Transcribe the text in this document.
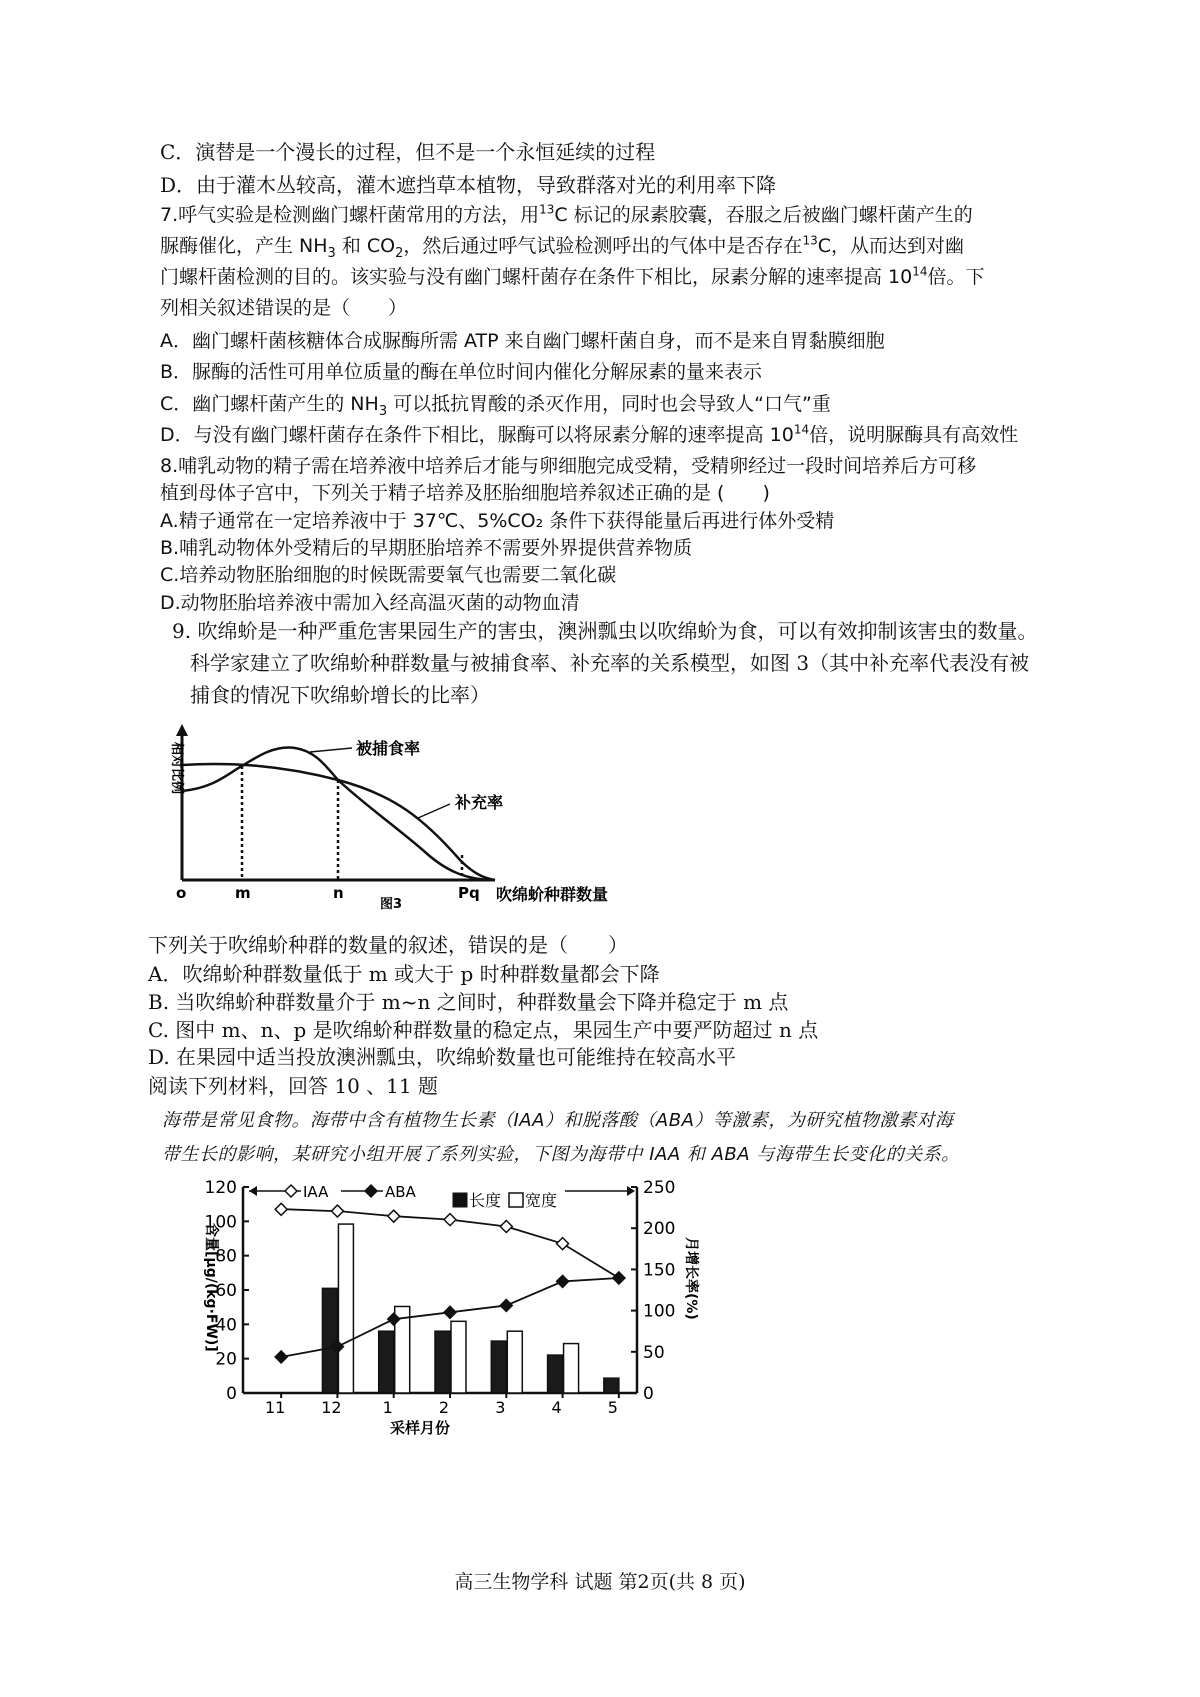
C．演替是一个漫长的过程，但不是一个永恒延续的过程
D．由于灌木丛较高，灌木遮挡草本植物，导致群落对光的利用率下降
7.呼气实验是检测幽门螺杆菌常用的方法，用$^{13}$C 标记的尿素胶囊，吞服之后被幽门螺杆菌产生的
脲酶催化，产生 $NH_3$ 和 $CO_2$，然后通过呼气试验检测呼出的气体中是否存在$^{13}$C，从而达到对幽
门螺杆菌检测的目的。该实验与没有幽门螺杆菌存在条件下相比，尿素分解的速率提高 $10^{14}$倍。下
列相关叙述错误的是（　　）
A．幽门螺杆菌核糖体合成脲酶所需 ATP 来自幽门螺杆菌自身，而不是来自胃黏膜细胞
B．脲酶的活性可用单位质量的酶在单位时间内催化分解尿素的量来表示
C．幽门螺杆菌产生的 $NH_3$ 可以抵抗胃酸的杀灭作用，同时也会导致人“口气”重
D．与没有幽门螺杆菌存在条件下相比，脲酶可以将尿素分解的速率提高 $10^{14}$倍，说明脲酶具有高效性
8.哺乳动物的精子需在培养液中培养后才能与卵细胞完成受精，受精卵经过一段时间培养后方可移
植到母体子宫中，下列关于精子培养及胚胎细胞培养叙述正确的是 (　　)
A.精子通常在一定培养液中于 37℃、5%CO₂ 条件下获得能量后再进行体外受精
B.哺乳动物体外受精后的早期胚胎培养不需要外界提供营养物质
C.培养动物胚胎细胞的时候既需要氧气也需要二氧化碳
D.动物胚胎培养液中需加入经高温灭菌的动物血清
9. 吹绵蚧是一种严重危害果园生产的害虫，澳洲瓢虫以吹绵蚧为食，可以有效抑制该害虫的数量。
科学家建立了吹绵蚧种群数量与被捕食率、补充率的关系模型，如图 3（其中补充率代表没有被
捕食的情况下吹绵蚧增长的比率）
相对比例	被捕食率
补充率
o	m	n	Pq 吹绵蚧种群数量
图3
下列关于吹绵蚧种群的数量的叙述，错误的是（　　）
A．吹绵蚧种群数量低于 m 或大于 p 时种群数量都会下降
B. 当吹绵蚧种群数量介于 m~n 之间时，种群数量会下降并稳定于 m 点
C. 图中 m、n、p 是吹绵蚧种群数量的稳定点，果园生产中要严防超过 n 点
D. 在果园中适当投放澳洲瓢虫，吹绵蚧数量也可能维持在较高水平
阅读下列材料，回答 10 、11 题
海带是常见食物。海带中含有植物生长素（IAA）和脱落酸（ABA）等激素，为研究植物激素对海
带生长的影响，某研究小组开展了系列实验，下图为海带中 IAA 和 ABA 与海带生长变化的关系。
0
20
40
60
80
100
120
0
50
100
150
200
250
11 12	1	2	3	4	5
IAA	ABA	长度 宽度
含量[μg/(kg·FW)]	月增长率(%)
采样月份
高三生物学科 试题 第2页(共 8 页)
